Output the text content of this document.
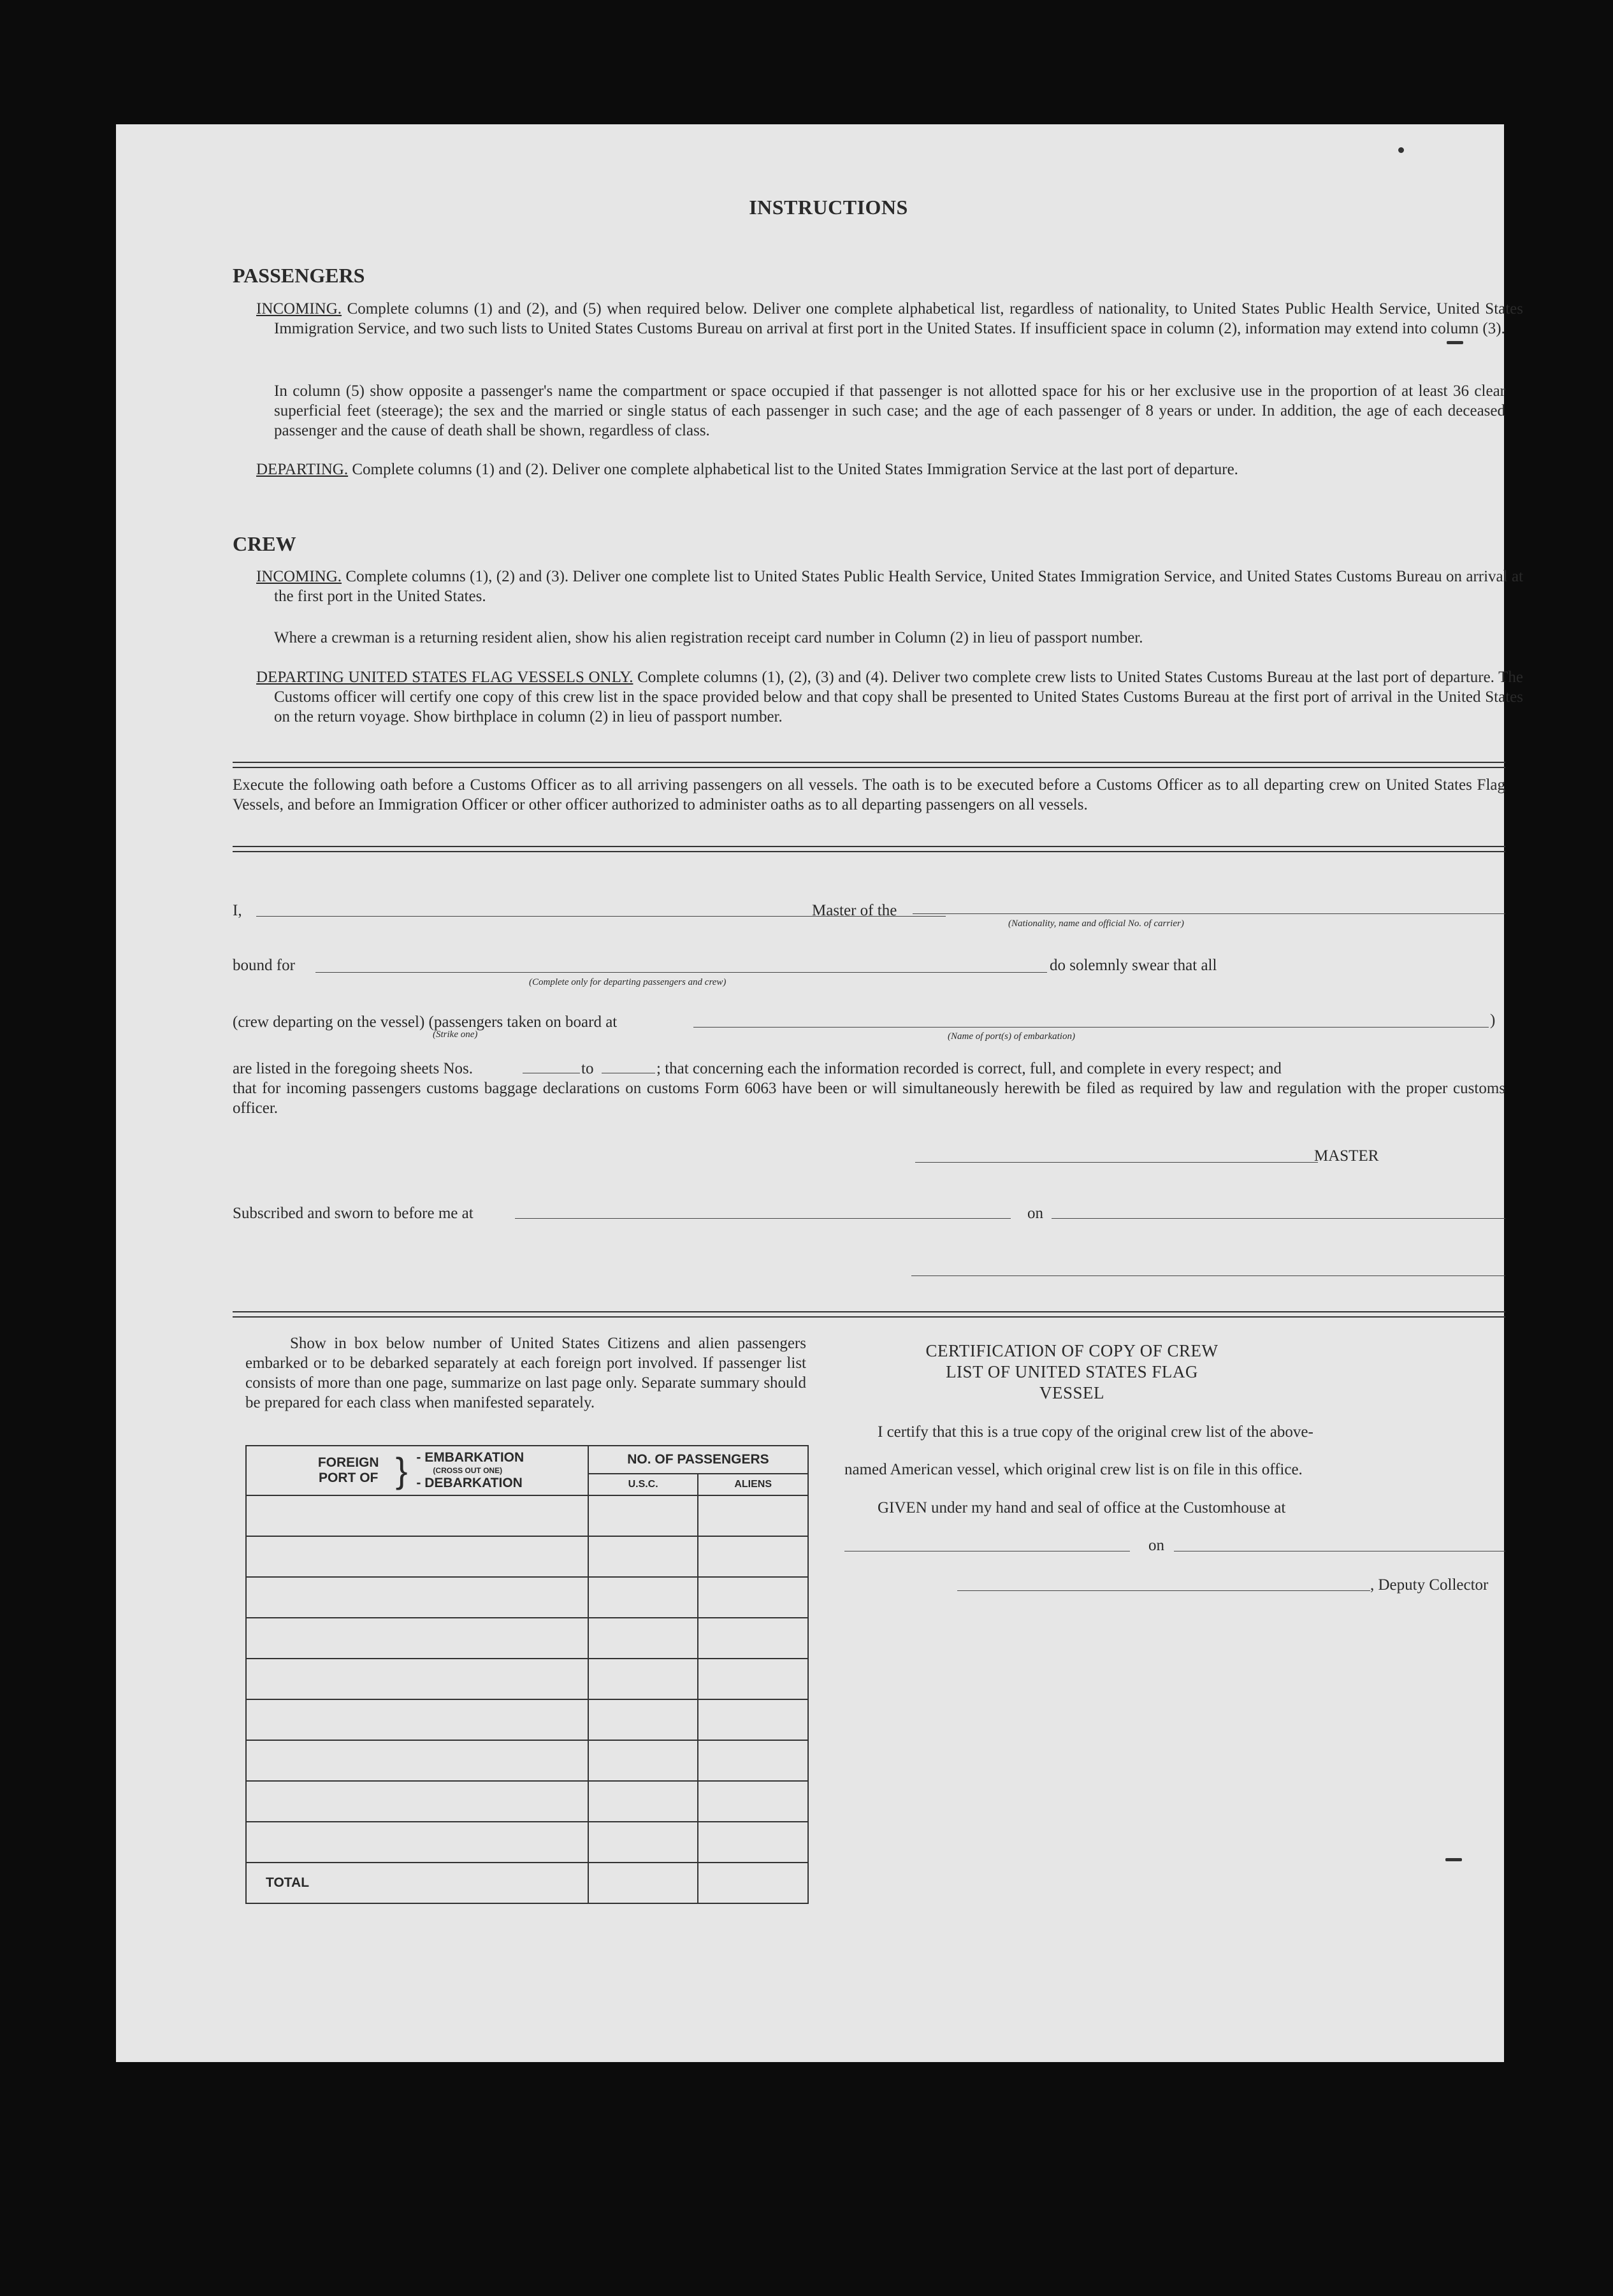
INSTRUCTIONS
PASSENGERS
INCOMING. Complete columns (1) and (2), and (5) when required below. Deliver one complete alphabetical list, regardless of nationality, to United States Public Health Service, United States Immigration Service, and two such lists to United States Customs Bureau on arrival at first port in the United States. If insufficient space in column (2), information may extend into column (3).
In column (5) show opposite a passenger's name the compartment or space occupied if that passenger is not allotted space for his or her exclusive use in the proportion of at least 36 clear superficial feet (steerage); the sex and the married or single status of each passenger in such case; and the age of each passenger of 8 years or under. In addition, the age of each deceased passenger and the cause of death shall be shown, regardless of class.
DEPARTING. Complete columns (1) and (2). Deliver one complete alphabetical list to the United States Immigration Service at the last port of departure.
CREW
INCOMING. Complete columns (1), (2) and (3). Deliver one complete list to United States Public Health Service, United States Immigration Service, and United States Customs Bureau on arrival at the first port in the United States.
Where a crewman is a returning resident alien, show his alien registration receipt card number in Column (2) in lieu of passport number.
DEPARTING UNITED STATES FLAG VESSELS ONLY. Complete columns (1), (2), (3) and (4). Deliver two complete crew lists to United States Customs Bureau at the last port of departure. The Customs officer will certify one copy of this crew list in the space provided below and that copy shall be presented to United States Customs Bureau at the first port of arrival in the United States on the return voyage. Show birthplace in column (2) in lieu of passport number.
Execute the following oath before a Customs Officer as to all arriving passengers on all vessels. The oath is to be executed before a Customs Officer as to all departing crew on United States Flag Vessels, and before an Immigration Officer or other officer authorized to administer oaths as to all departing passengers on all vessels.
I,	Master of the
(Nationality, name and official No. of carrier)
bound for
(Complete only for departing passengers and crew)
do solemnly swear that all
(crew departing on the vessel) (passengers taken on board at
(Strike one)	(Name of port(s) of embarkation)
)
are listed in the foregoing sheets Nos.	to	; that concerning each the information recorded is correct, full, and complete in every respect; and
that for incoming passengers customs baggage declarations on customs Form 6063 have been or will simultaneously herewith be filed as required by law and regulation with the proper customs officer.
MASTER
Subscribed and sworn to before me at	on
Show in box below number of United States Citizens and alien passengers embarked or to be debarked separately at each foreign port involved. If passenger list consists of more than one page, summarize on last page only. Separate summary should be prepared for each class when manifested separately.
FOREIGN PORT OF } - EMBARKATION
(CROSS OUT ONE)
- DEBARKATION	NO. OF PASSENGERS	
	U.S.C.	ALIENS

TOTAL		
CERTIFICATION OF COPY OF CREW LIST OF UNITED STATES FLAG VESSEL
I certify that this is a true copy of the original crew list of the above-
named American vessel, which original crew list is on file in this office.
GIVEN under my hand and seal of office at the Customhouse at
on
, Deputy Collector
